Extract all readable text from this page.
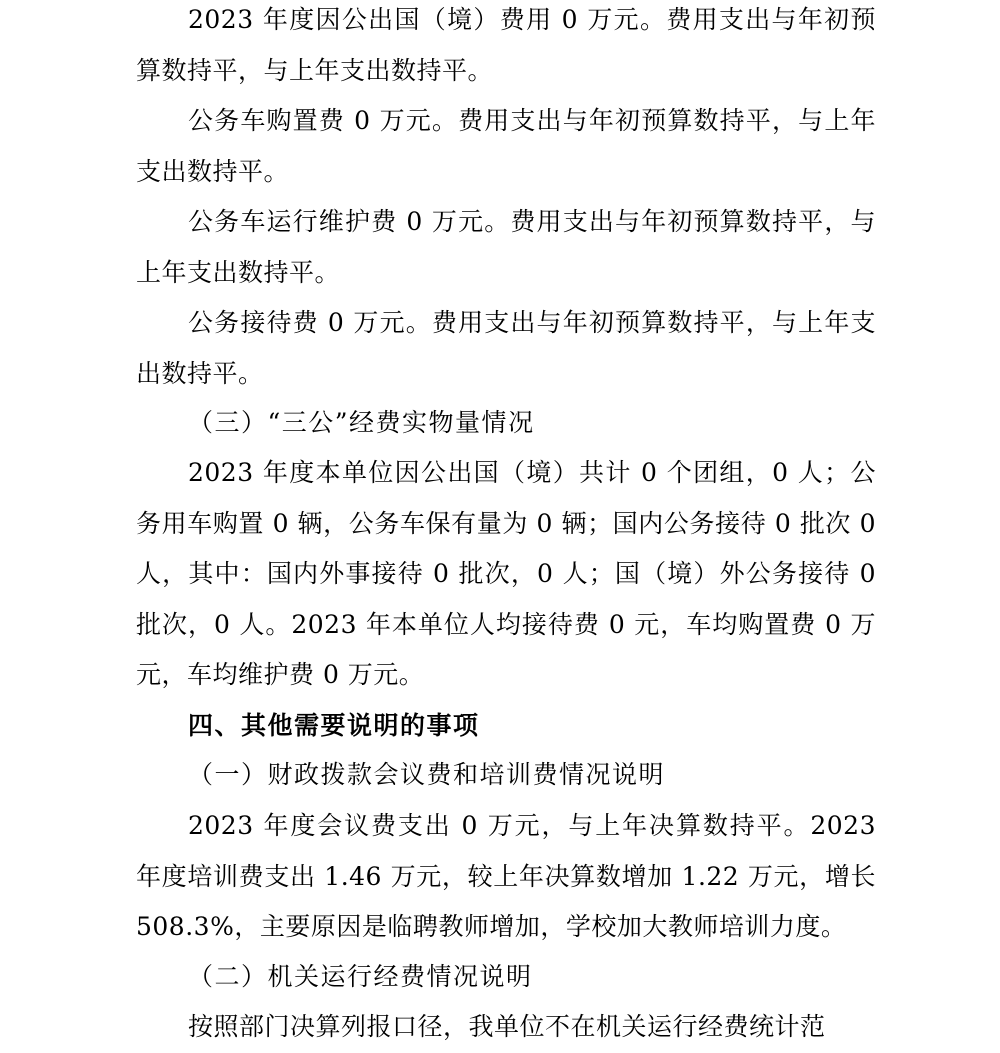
2023 年度因公出国（境）费用 0 万元。费用支出与年初预算数持平，与上年支出数持平。

公务车购置费 0 万元。费用支出与年初预算数持平，与上年支出数持平。

公务车运行维护费 0 万元。费用支出与年初预算数持平，与上年支出数持平。

公务接待费 0 万元。费用支出与年初预算数持平，与上年支出数持平。

（三）“三公”经费实物量情况

2023 年度本单位因公出国（境）共计 0 个团组，0 人；公务用车购置 0 辆，公务车保有量为 0 辆；国内公务接待 0 批次 0 人，其中：国内外事接待 0 批次，0 人；国（境）外公务接待 0 批次，0 人。2023 年本单位人均接待费 0 元，车均购置费 0 万元，车均维护费 0 万元。

四、其他需要说明的事项

（一）财政拨款会议费和培训费情况说明

2023 年度会议费支出 0 万元，与上年决算数持平。2023 年度培训费支出 1.46 万元，较上年决算数增加 1.22 万元，增长 508.3%，主要原因是临聘教师增加，学校加大教师培训力度。

（二）机关运行经费情况说明

按照部门决算列报口径，我单位不在机关运行经费统计范
